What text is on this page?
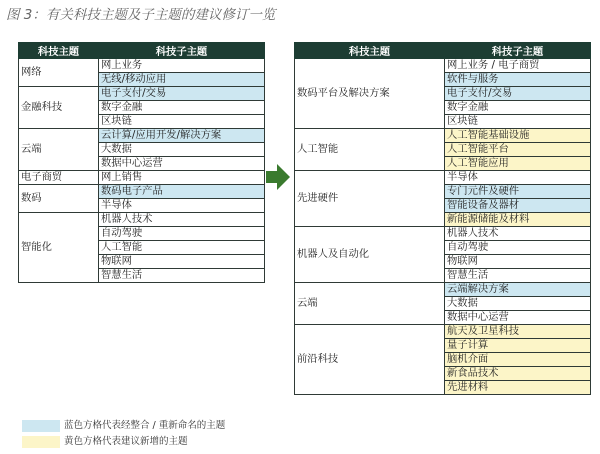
图 3：有关科技主题及子主题的建议修订一览
科技主题	科技子主题
网络	网上业务
	无线/移动应用
金融科技	电子支付/交易
	数字金融
	区块链
云端	云计算/应用开发/解决方案
	大数据
	数据中心运营
电子商贸	网上销售
数码	数码电子产品
	半导体
智能化	机器人技术
	自动驾驶
	人工智能
	物联网
	智慧生活
科技主题	科技子主题
数码平台及解决方案	网上业务 / 电子商贸
	软件与服务
	电子支付/交易
	数字金融
	区块链
人工智能	人工智能基础设施
	人工智能平台
	人工智能应用
先进硬件	半导体
	专门元件及硬件
	智能设备及器材
	新能源储能及材料
机器人及自动化	机器人技术
	自动驾驶
	物联网
	智慧生活
云端	云端解决方案
	大数据
	数据中心运营
前沿科技	航天及卫星科技
	量子计算
	脑机介面
	新食品技术
	先进材料
蓝色方格代表经整合 / 重新命名的主题
黄色方格代表建议新增的主题
